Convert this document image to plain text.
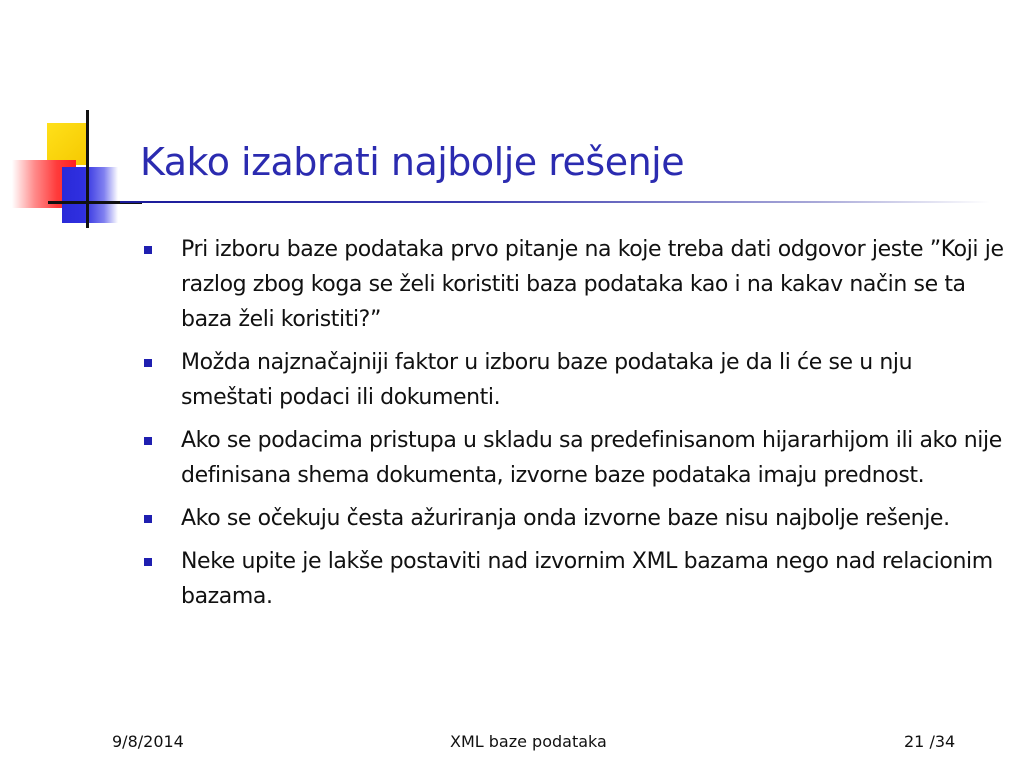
Kako izabrati najbolje rešenje
Pri izboru baze podataka prvo pitanje na koje treba dati odgovor jeste ”Koji je razlog zbog koga se želi koristiti baza podataka kao i na kakav način se ta baza želi koristiti?”
Možda najznačajniji faktor u izboru baze podataka je da li će se u nju smeštati podaci ili dokumenti.
Ako se podacima pristupa u skladu sa predefinisanom hijararhijom ili ako nije definisana shema dokumenta, izvorne baze podataka imaju prednost.
Ako se očekuju česta ažuriranja onda izvorne baze nisu najbolje rešenje.
Neke upite je lakše postaviti nad izvornim XML bazama nego nad relacionim bazama.
9/8/2014	XML baze podataka	21 /34
